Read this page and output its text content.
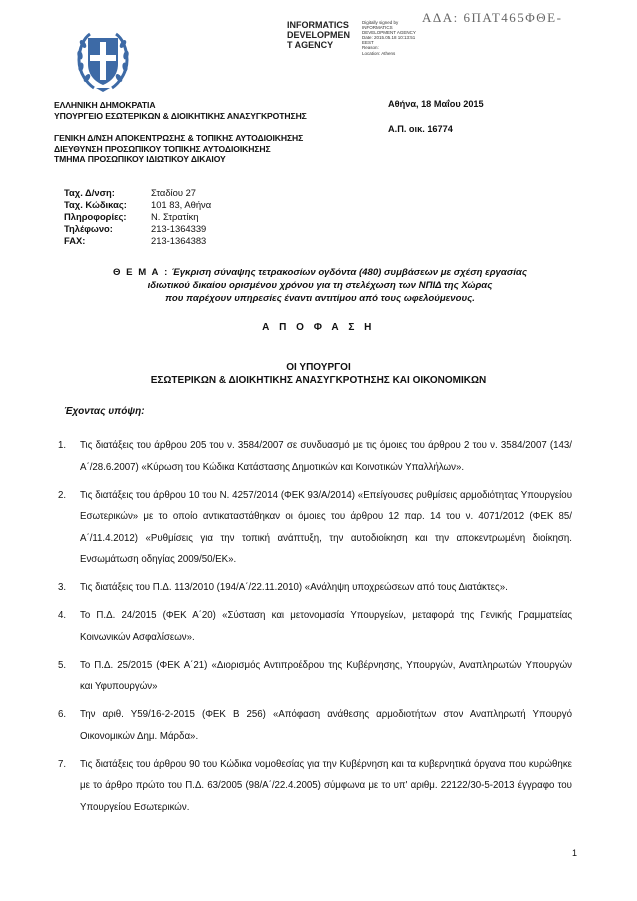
INFORMATICS
DEVELOPMEN
T AGENCY
Digitally signed by
INFORMATICS
DEVELOPMENT AGENCY
Date: 2015.05.18 10:13:51
EEST
Reason:
Location: Athens
ΑΔΑ: 6ΠΑΤ465ΦΘΕ-
ΕΛΛΗΝΙΚΗ ΔΗΜΟΚΡΑΤΙΑ
ΥΠΟΥΡΓΕΙΟ ΕΣΩΤΕΡΙΚΩΝ & ΔΙΟΙΚΗΤΙΚΗΣ ΑΝΑΣΥΓΚΡΟΤΗΣΗΣ
ΓΕΝΙΚΗ Δ/ΝΣΗ ΑΠΟΚΕΝΤΡΩΣΗΣ & ΤΟΠΙΚΗΣ ΑΥΤΟΔΙΟΙΚΗΣΗΣ
ΔΙΕΥΘΥΝΣΗ ΠΡΟΣΩΠΙΚΟΥ ΤΟΠΙΚΗΣ ΑΥΤΟΔΙΟΙΚΗΣΗΣ
ΤΜΗΜΑ ΠΡΟΣΩΠΙΚΟΥ ΙΔΙΩΤΙΚΟΥ ΔΙΚΑΙΟΥ
Αθήνα, 18 Μαΐου 2015
Α.Π. οικ. 16774
Ταχ. Δ/νση:	Σταδίου 27
Ταχ. Κώδικας:	101 83, Αθήνα
Πληροφορίες:	Ν. Στρατίκη
Τηλέφωνο:	213-1364339
FAX:	213-1364383
Θ Ε Μ Α : Έγκριση σύναψης τετρακοσίων ογδόντα (480) συμβάσεων με σχέση εργασίας
ιδιωτικού δικαίου ορισμένου χρόνου για τη στελέχωση των ΝΠΙΔ της Χώρας
που παρέχουν υπηρεσίες έναντι αντιτίμου από τους ωφελούμενους.
Α Π Ο Φ Α Σ Η
ΟΙ ΥΠΟΥΡΓΟΙ
ΕΣΩΤΕΡΙΚΩΝ & ΔΙΟΙΚΗΤΙΚΗΣ ΑΝΑΣΥΓΚΡΟΤΗΣΗΣ ΚΑΙ ΟΙΚΟΝΟΜΙΚΩΝ
Έχοντας υπόψη:
1.	Τις διατάξεις του άρθρου 205 του ν. 3584/2007 σε συνδυασμό με τις όμοιες του άρθρου 2 του ν. 3584/2007 (143/Α΄/28.6.2007) «Κύρωση του Κώδικα Κατάστασης Δημοτικών και Κοινοτικών Υπαλλήλων».
2.	Τις διατάξεις του άρθρου 10 του Ν. 4257/2014 (ΦΕΚ 93/Α/2014) «Επείγουσες ρυθμίσεις αρμοδιότητας Υπουργείου Εσωτερικών» με το οποίο αντικαταστάθηκαν οι όμοιες του άρθρου 12 παρ. 14 του ν. 4071/2012 (ΦΕΚ 85/Α΄/11.4.2012) «Ρυθμίσεις για την τοπική ανάπτυξη, την αυτοδιοίκηση και την αποκεντρωμένη διοίκηση. Ενσωμάτωση οδηγίας 2009/50/ΕΚ».
3.	Τις διατάξεις του Π.Δ. 113/2010 (194/Α΄/22.11.2010) «Ανάληψη υποχρεώσεων από τους Διατάκτες».
4.	Το Π.Δ. 24/2015 (ΦΕΚ Α΄20) «Σύσταση και μετονομασία Υπουργείων, μεταφορά της Γενικής Γραμματείας Κοινωνικών Ασφαλίσεων».
5.	Το Π.Δ. 25/2015 (ΦΕΚ Α΄21) «Διορισμός Αντιπροέδρου της Κυβέρνησης, Υπουργών, Αναπληρωτών Υπουργών και Υφυπουργών»
6.	Την αριθ. Υ59/16-2-2015 (ΦΕΚ Β 256) «Απόφαση ανάθεσης αρμοδιοτήτων στον Αναπληρωτή Υπουργό Οικονομικών Δημ. Μάρδα».
7.	Τις διατάξεις του άρθρου 90 του Κώδικα νομοθεσίας για την Κυβέρνηση και τα κυβερνητικά όργανα που κυρώθηκε με το άρθρο πρώτο του Π.Δ. 63/2005 (98/Α΄/22.4.2005) σύμφωνα με το υπ' αριθμ. 22122/30-5-2013 έγγραφο του Υπουργείου Εσωτερικών.
1
